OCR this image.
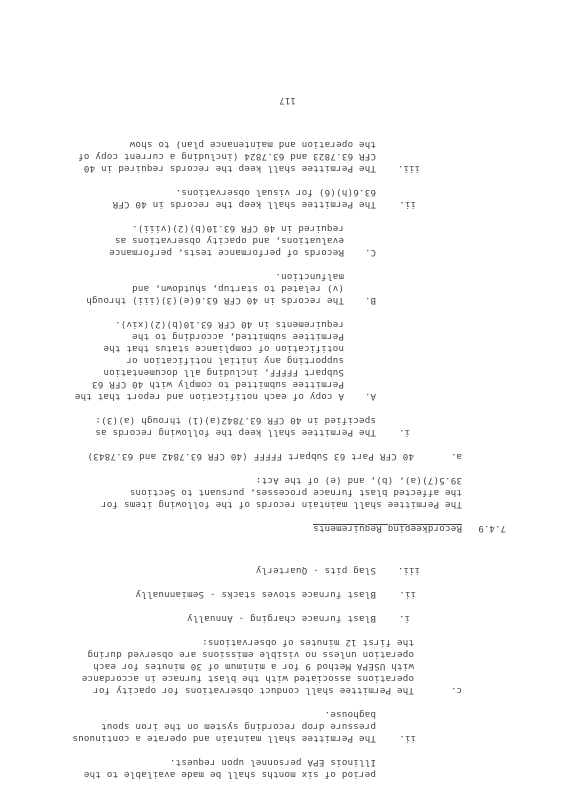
period of six months shall be made available to the
Illinois EPA personnel upon request.
ii.
The Permittee shall maintain and operate a continuous
pressure drop recording system on the iron spout
baghouse.
c.
The Permittee shall conduct observations for opacity for
operations associated with the blast furnace in accordance
with USEPA Method 9 for a minimum of 30 minutes for each
operation unless no visible emissions are observed during
the first 12 minutes of observations:
i.
Blast furnace charging - Annually
ii.
Blast furnace stoves stacks - Semiannually
iii.
Slag pits - Quarterly
7.4.9
Recordkeeping Requirements
The Permittee shall maintain records of the following items for
the affected blast furnace processes, pursuant to Sections
39.5(7)(a), (b), and (e) of the Act:
a.
40 CFR Part 63 Subpart FFFFF (40 CFR 63.7842 and 63.7843)
i.
The Permittee shall keep the following records as
specified in 40 CFR 63.7842(a)(1) through (a)(3):
A.
A copy of each notification and report that the
Permittee submitted to comply with 40 CFR 63
Subpart FFFFF, including all documentation
supporting any initial notification or
notification of compliance status that the
Permittee submitted, according to the
requirements in 40 CFR 63.10(b)(2)(xiv).
B.
The records in 40 CFR 63.6(e)(3)(iii) through
(v) related to startup, shutdown, and
malfunction.
C.
Records of performance tests, performance
evaluations, and opacity observations as
required in 40 CFR 63.10(b)(2)(viii).
ii.
The Permittee shall keep the records in 40 CFR
63.6(h)(6) for visual observations.
iii.
The Permittee shall keep the records required in 40
CFR 63.7823 and 63.7824 (including a current copy of
the operation and maintenance plan) to show
117
